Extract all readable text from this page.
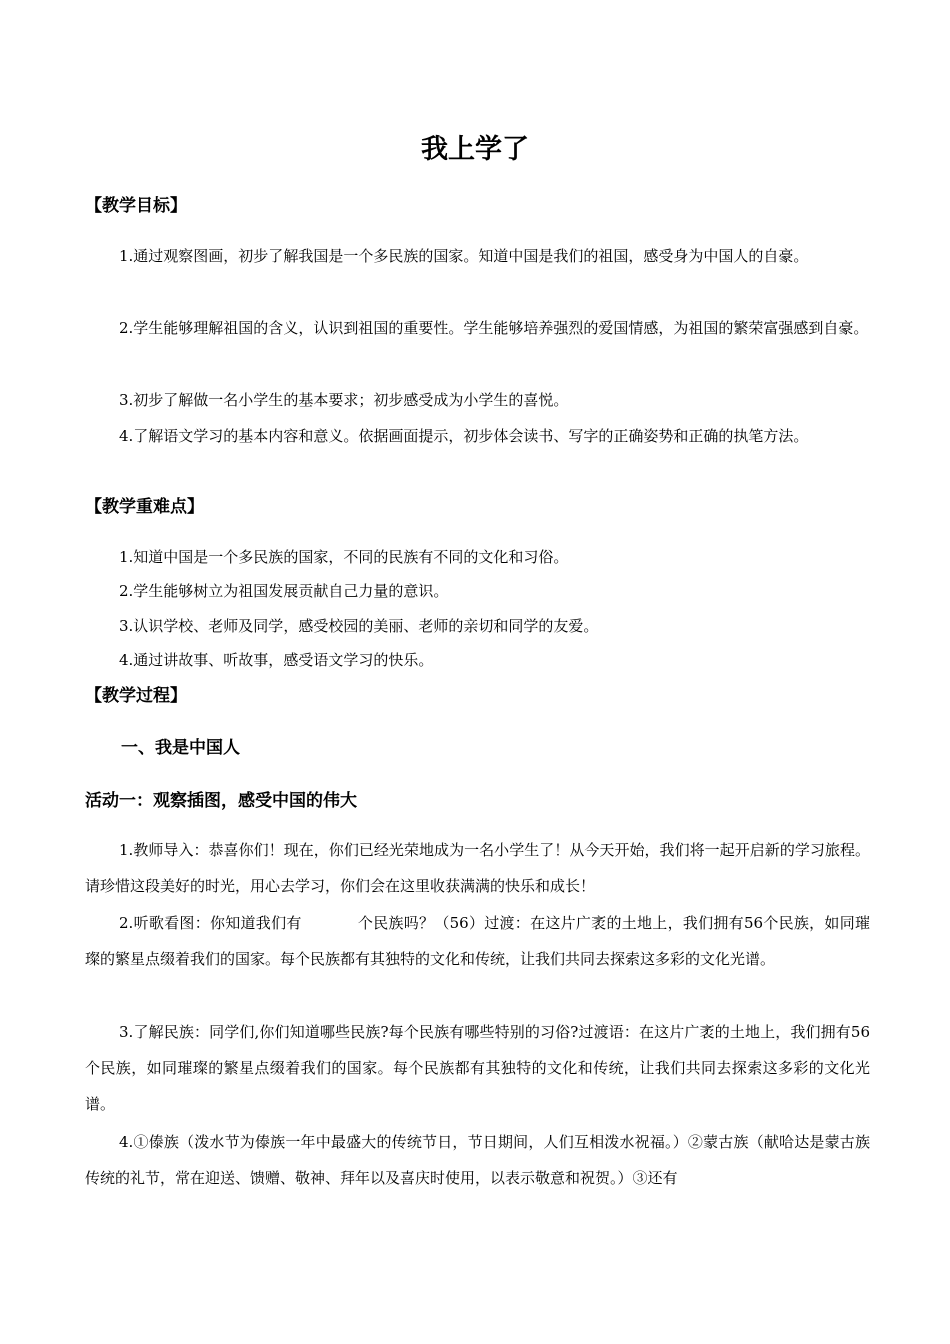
我上学了
【教学目标】

1.通过观察图画，初步了解我国是一个多民族的国家。知道中国是我们的祖国，感受身为中国人的自豪。

2.学生能够理解祖国的含义，认识到祖国的重要性。学生能够培养强烈的爱国情感，为祖国的繁荣富强感到自豪。

3.初步了解做一名小学生的基本要求；初步感受成为小学生的喜悦。

4.了解语文学习的基本内容和意义。依据画面提示，初步体会读书、写字的正确姿势和正确的执笔方法。

【教学重难点】

1.知道中国是一个多民族的国家，不同的民族有不同的文化和习俗。

2.学生能够树立为祖国发展贡献自己力量的意识。

3.认识学校、老师及同学，感受校园的美丽、老师的亲切和同学的友爱。

4.通过讲故事、听故事，感受语文学习的快乐。

【教学过程】
一、我是中国人
活动一：观察插图，感受中国的伟大

1.教师导入：恭喜你们！现在，你们已经光荣地成为一名小学生了！从今天开始，我们将一起开启新的学习旅程。请珍惜这段美好的时光，用心去学习，你们会在这里收获满满的快乐和成长！

2.听歌看图：你知道我们有	个民族吗？（56）过渡：在这片广袤的土地上，我们拥有56个民族，如同璀璨的繁星点缀着我们的国家。每个民族都有其独特的文化和传统，让我们共同去探索这多彩的文化光谱。

3.了解民族：同学们,你们知道哪些民族?每个民族有哪些特别的习俗?过渡语：在这片广袤的土地上，我们拥有56个民族，如同璀璨的繁星点缀着我们的国家。每个民族都有其独特的文化和传统，让我们共同去探索这多彩的文化光谱。

4.①傣族（泼水节为傣族一年中最盛大的传统节日，节日期间，人们互相泼水祝福。）②蒙古族（献哈达是蒙古族传统的礼节，常在迎送、馈赠、敬神、拜年以及喜庆时使用，以表示敬意和祝贺。）③还有
